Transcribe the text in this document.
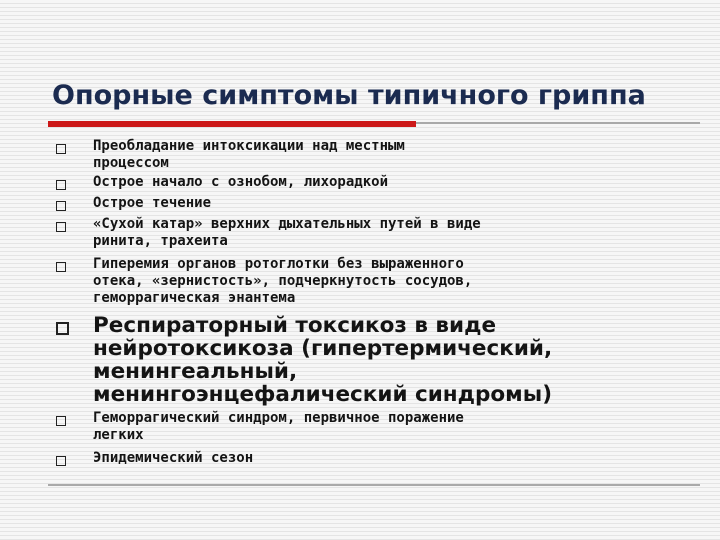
Опорные симптомы типичного гриппа
Преобладание интоксикации над местным
процессом
Острое начало с ознобом, лихорадкой
Острое течение
«Сухой катар» верхних дыхательных путей в виде
ринита, трахеита
Гиперемия органов ротоглотки без выраженного
отека, «зернистость», подчеркнутость сосудов,
геморрагическая энантема
Респираторный токсикоз в виде
нейротоксикоза (гипертермический,
менингеальный,
менингоэнцефалический синдромы)
Геморрагический синдром, первичное поражение
легких
Эпидемический сезон
